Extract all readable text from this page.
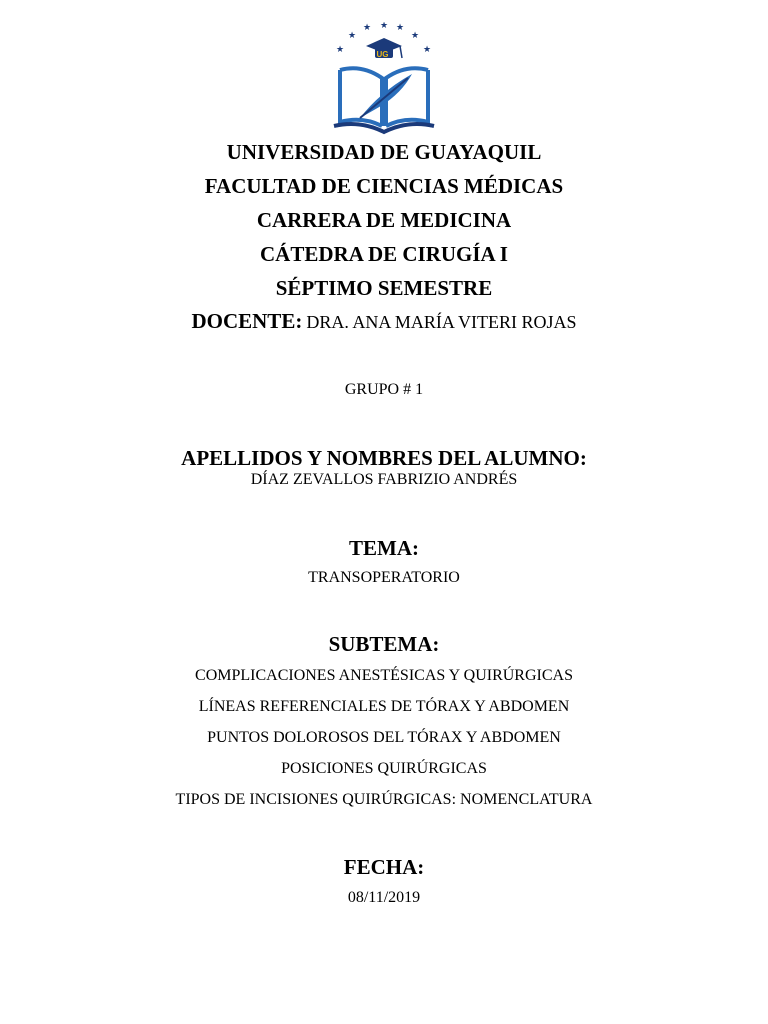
★
★
★ ★ ★
★
★
UG
UNIVERSIDAD DE GUAYAQUIL
FACULTAD DE CIENCIAS MÉDICAS
CARRERA DE MEDICINA
CÁTEDRA DE CIRUGÍA I
SÉPTIMO SEMESTRE
DOCENTE: DRA. ANA MARÍA VITERI ROJAS
GRUPO # 1
APELLIDOS Y NOMBRES DEL ALUMNO:
DÍAZ ZEVALLOS FABRIZIO ANDRÉS
TEMA:
TRANSOPERATORIO
SUBTEMA:
COMPLICACIONES ANESTÉSICAS Y QUIRÚRGICAS
LÍNEAS REFERENCIALES DE TÓRAX Y ABDOMEN
PUNTOS DOLOROSOS DEL TÓRAX Y ABDOMEN
POSICIONES QUIRÚRGICAS
TIPOS DE INCISIONES QUIRÚRGICAS: NOMENCLATURA
FECHA:
08/11/2019
